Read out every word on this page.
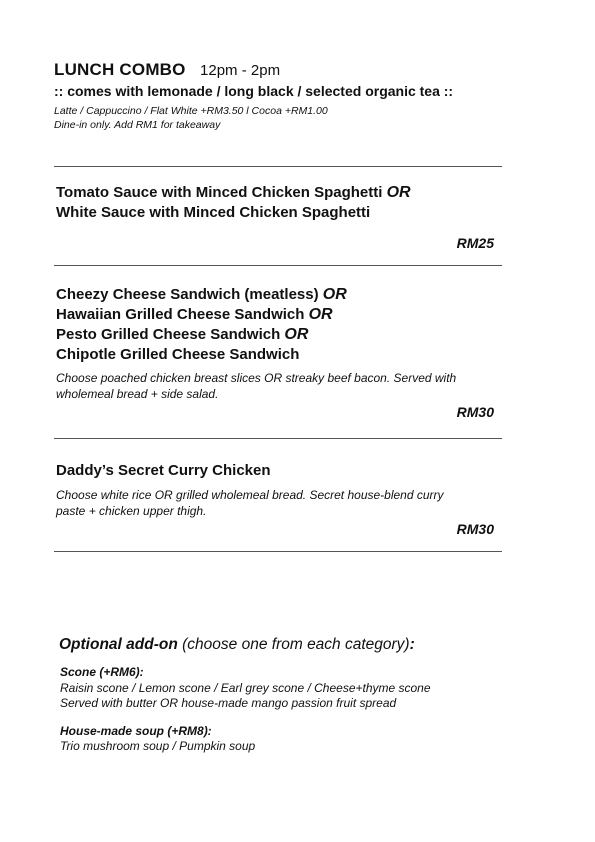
LUNCH COMBO 12pm - 2pm
:: comes with lemonade / long black / selected organic tea ::
Latte / Cappuccino / Flat White +RM3.50 l Cocoa +RM1.00
Dine-in only. Add RM1 for takeaway
Tomato Sauce with Minced Chicken Spaghetti OR
White Sauce with Minced Chicken Spaghetti
RM25
Cheezy Cheese Sandwich (meatless) OR
Hawaiian Grilled Cheese Sandwich OR
Pesto Grilled Cheese Sandwich OR
Chipotle Grilled Cheese Sandwich
Choose poached chicken breast slices OR streaky beef bacon. Served with
wholemeal bread + side salad.
RM30
Daddy’s Secret Curry Chicken
Choose white rice OR grilled wholemeal bread. Secret house-blend curry
paste + chicken upper thigh.
RM30
Optional add-on (choose one from each category):
Scone (+RM6):
Raisin scone / Lemon scone / Earl grey scone / Cheese+thyme scone
Served with butter OR house-made mango passion fruit spread
House-made soup (+RM8):
Trio mushroom soup / Pumpkin soup
